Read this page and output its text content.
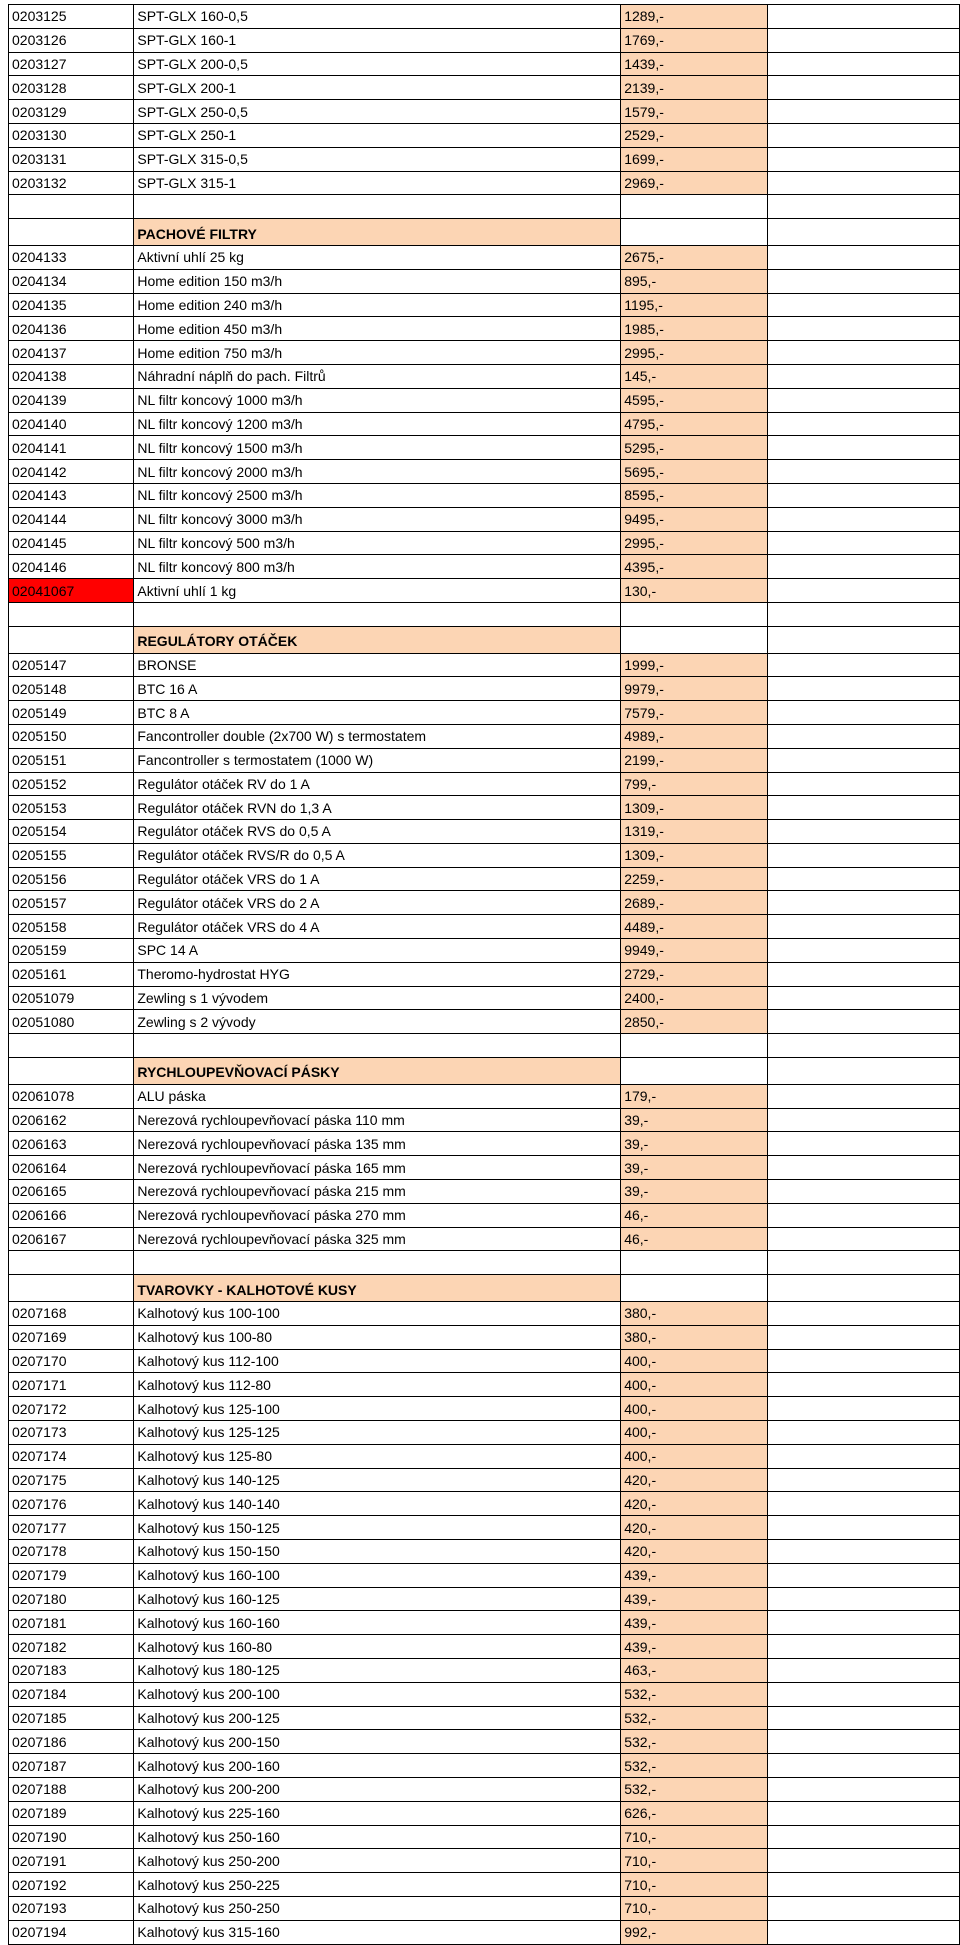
0203125	SPT-GLX 160-0,5	1289,-	
0203126	SPT-GLX 160-1	1769,-	
0203127	SPT-GLX 200-0,5	1439,-	
0203128	SPT-GLX 200-1	2139,-	
0203129	SPT-GLX 250-0,5	1579,-	
0203130	SPT-GLX 250-1	2529,-	
0203131	SPT-GLX 315-0,5	1699,-	
0203132	SPT-GLX 315-1	2969,-	

	PACHOVÉ FILTRY		
0204133	Aktivní uhlí 25 kg	2675,-	
0204134	Home edition 150 m3/h	895,-	
0204135	Home edition 240 m3/h	1195,-	
0204136	Home edition 450 m3/h	1985,-	
0204137	Home edition 750 m3/h	2995,-	
0204138	Náhradní náplň do pach. Filtrů	145,-	
0204139	NL filtr koncový 1000 m3/h	4595,-	
0204140	NL filtr koncový 1200 m3/h	4795,-	
0204141	NL filtr koncový 1500 m3/h	5295,-	
0204142	NL filtr koncový 2000 m3/h	5695,-	
0204143	NL filtr koncový 2500 m3/h	8595,-	
0204144	NL filtr koncový 3000 m3/h	9495,-	
0204145	NL filtr koncový 500 m3/h	2995,-	
0204146	NL filtr koncový 800 m3/h	4395,-	
02041067	Aktivní uhlí 1 kg	130,-	

	REGULÁTORY OTÁČEK		
0205147	BRONSE	1999,-	
0205148	BTC 16 A	9979,-	
0205149	BTC 8 A	7579,-	
0205150	Fancontroller double (2x700 W) s termostatem	4989,-	
0205151	Fancontroller s termostatem (1000 W)	2199,-	
0205152	Regulátor otáček RV do 1 A	799,-	
0205153	Regulátor otáček RVN do 1,3 A	1309,-	
0205154	Regulátor otáček RVS do 0,5 A	1319,-	
0205155	Regulátor otáček RVS/R do 0,5 A	1309,-	
0205156	Regulátor otáček VRS do 1 A	2259,-	
0205157	Regulátor otáček VRS do 2 A	2689,-	
0205158	Regulátor otáček VRS do 4 A	4489,-	
0205159	SPC 14 A	9949,-	
0205161	Theromo-hydrostat HYG	2729,-	
02051079	Zewling s 1 vývodem	2400,-	
02051080	Zewling s 2 vývody	2850,-	

	RYCHLOUPEVŇOVACÍ PÁSKY		
02061078	ALU páska	179,-	
0206162	Nerezová rychloupevňovací páska 110 mm	39,-	
0206163	Nerezová rychloupevňovací páska 135 mm	39,-	
0206164	Nerezová rychloupevňovací páska 165 mm	39,-	
0206165	Nerezová rychloupevňovací páska 215 mm	39,-	
0206166	Nerezová rychloupevňovací páska 270 mm	46,-	
0206167	Nerezová rychloupevňovací páska 325 mm	46,-	

	TVAROVKY - KALHOTOVÉ KUSY		
0207168	Kalhotový kus 100-100	380,-	
0207169	Kalhotový kus 100-80	380,-	
0207170	Kalhotový kus 112-100	400,-	
0207171	Kalhotový kus 112-80	400,-	
0207172	Kalhotový kus 125-100	400,-	
0207173	Kalhotový kus 125-125	400,-	
0207174	Kalhotový kus 125-80	400,-	
0207175	Kalhotový kus 140-125	420,-	
0207176	Kalhotový kus 140-140	420,-	
0207177	Kalhotový kus 150-125	420,-	
0207178	Kalhotový kus 150-150	420,-	
0207179	Kalhotový kus 160-100	439,-	
0207180	Kalhotový kus 160-125	439,-	
0207181	Kalhotový kus 160-160	439,-	
0207182	Kalhotový kus 160-80	439,-	
0207183	Kalhotový kus 180-125	463,-	
0207184	Kalhotový kus 200-100	532,-	
0207185	Kalhotový kus 200-125	532,-	
0207186	Kalhotový kus 200-150	532,-	
0207187	Kalhotový kus 200-160	532,-	
0207188	Kalhotový kus 200-200	532,-	
0207189	Kalhotový kus 225-160	626,-	
0207190	Kalhotový kus 250-160	710,-	
0207191	Kalhotový kus 250-200	710,-	
0207192	Kalhotový kus 250-225	710,-	
0207193	Kalhotový kus 250-250	710,-	
0207194	Kalhotový kus 315-160	992,-	
